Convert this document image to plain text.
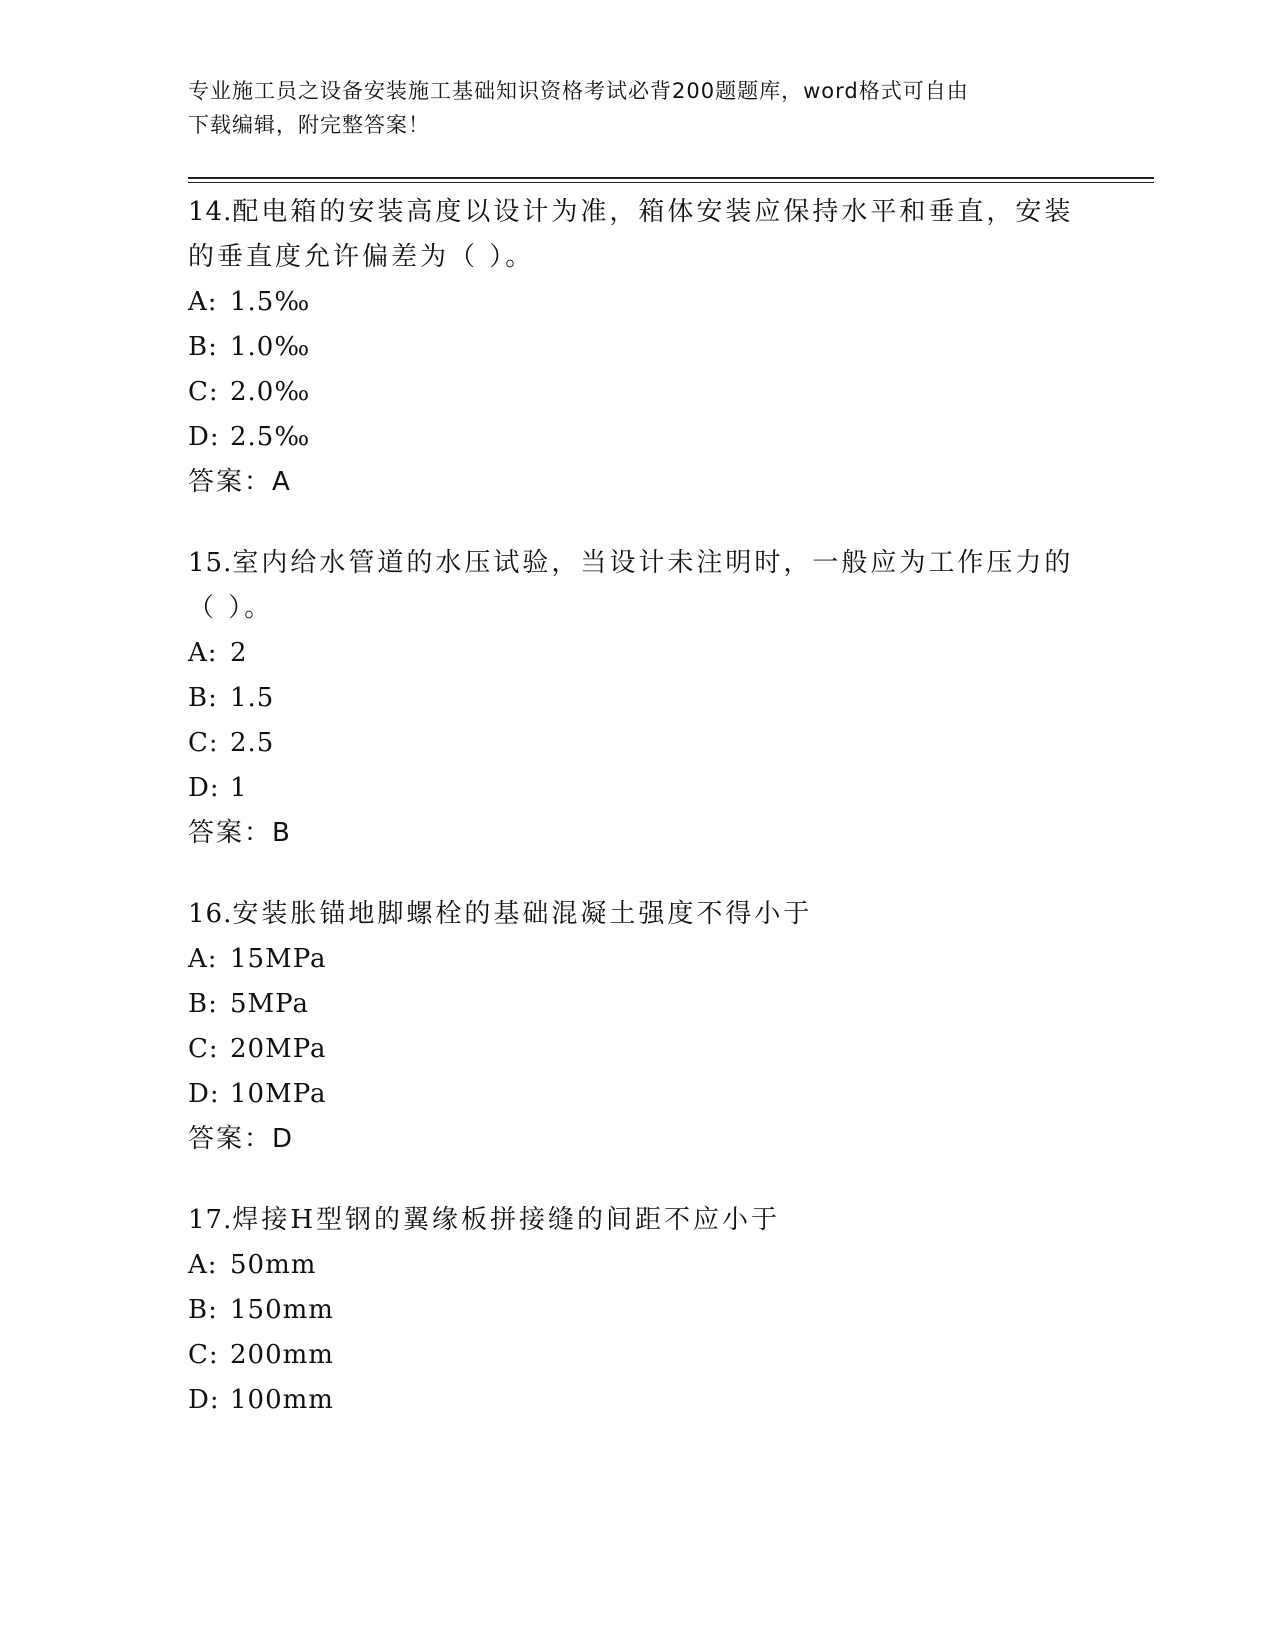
专业施工员之设备安装施工基础知识资格考试必背200题题库，word格式可自由
下载编辑，附完整答案！
14.配电箱的安装高度以设计为准，箱体安装应保持水平和垂直，安装的垂直度允许偏差为（ ）。
A: 1.5‰
B: 1.0‰
C: 2.0‰
D: 2.5‰
答案：A
15.室内给水管道的水压试验，当设计未注明时，一般应为工作压力的（ ）。
A: 2
B: 1.5
C: 2.5
D: 1
答案：B
16.安装胀锚地脚螺栓的基础混凝土强度不得小于
A: 15MPa
B: 5MPa
C: 20MPa
D: 10MPa
答案：D
17.焊接H型钢的翼缘板拼接缝的间距不应小于
A: 50mm
B: 150mm
C: 200mm
D: 100mm
